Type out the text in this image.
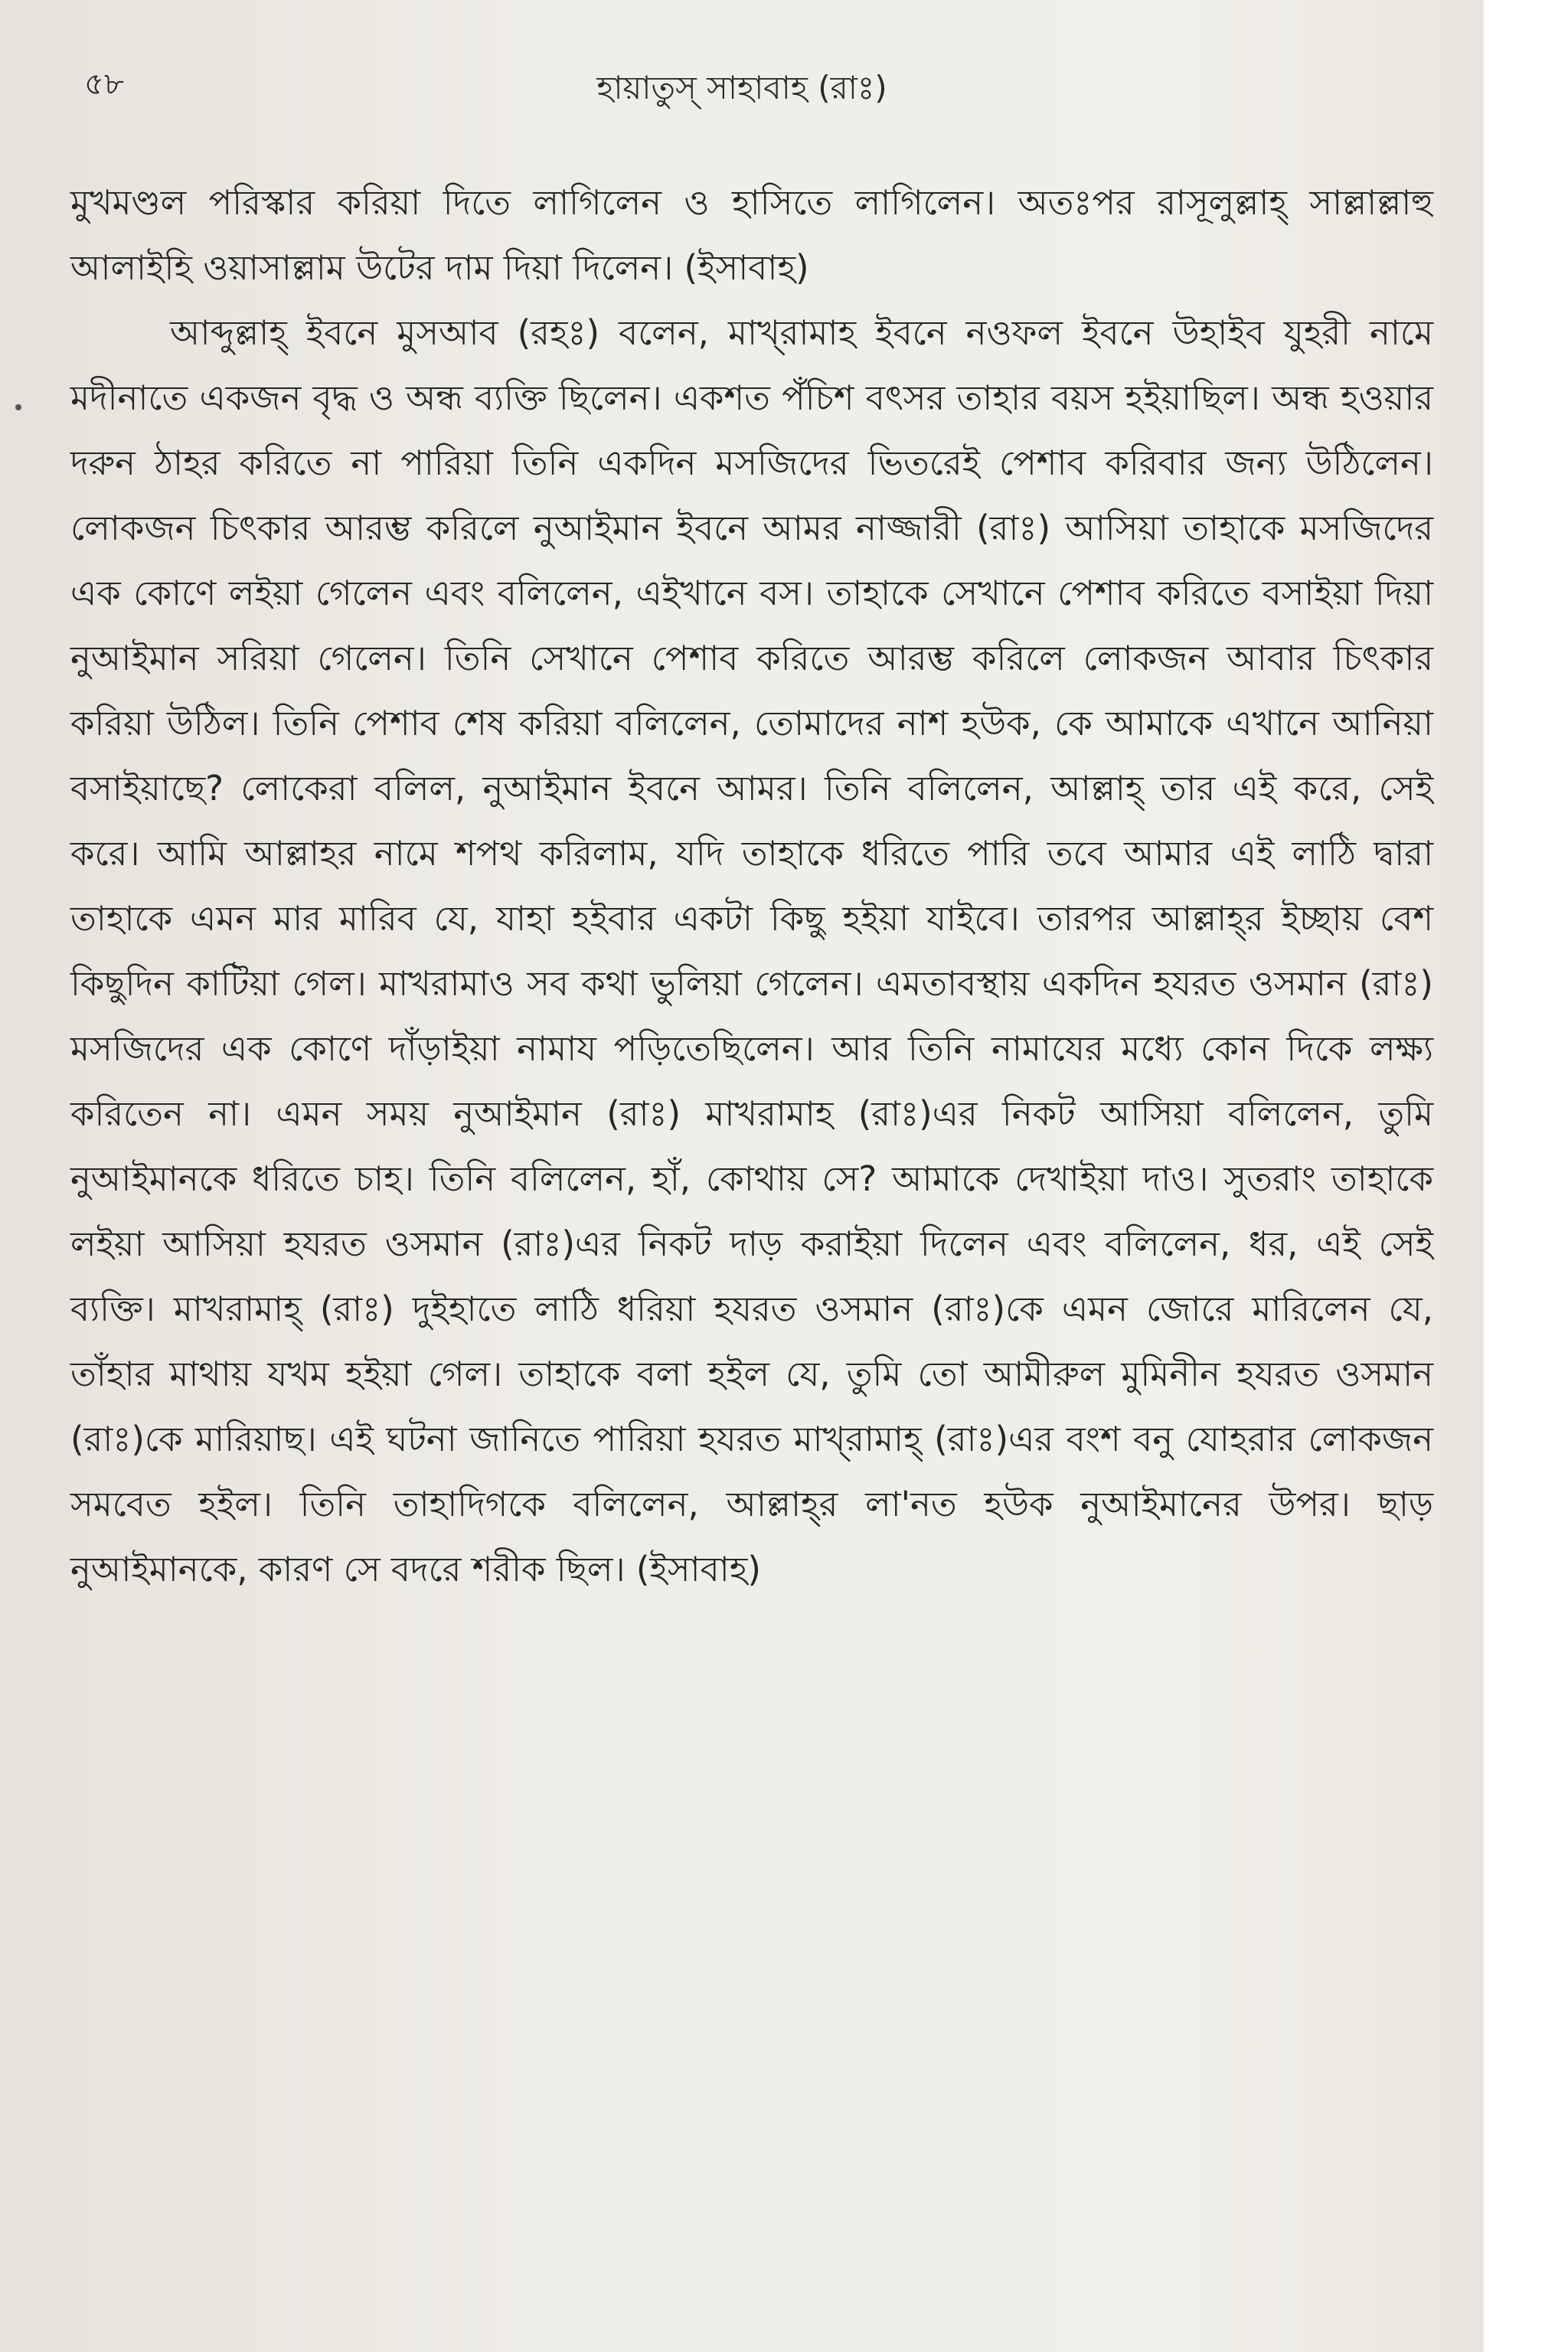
৫৮	হায়াতুস্ সাহাবাহ (রাঃ)

মুখমণ্ডল পরিস্কার করিয়া দিতে লাগিলেন ও হাসিতে লাগিলেন। অতঃপর রাসূলুল্লাহ্ সাল্লাল্লাহু আলাইহি ওয়াসাল্লাম উটের দাম দিয়া দিলেন। (ইসাবাহ)

আব্দুল্লাহ্ ইবনে মুসআব (রহঃ) বলেন, মাখ্‌রামাহ ইবনে নওফল ইবনে উহাইব যুহরী নামে মদীনাতে একজন বৃদ্ধ ও অন্ধ ব্যক্তি ছিলেন। একশত পঁচিশ বৎসর তাহার বয়স হইয়াছিল। অন্ধ হওয়ার দরুন ঠাহর করিতে না পারিয়া তিনি একদিন মসজিদের ভিতরেই পেশাব করিবার জন্য উঠিলেন। লোকজন চিৎকার আরম্ভ করিলে নুআইমান ইবনে আমর নাজ্জারী (রাঃ) আসিয়া তাহাকে মসজিদের এক কোণে লইয়া গেলেন এবং বলিলেন, এইখানে বস। তাহাকে সেখানে পেশাব করিতে বসাইয়া দিয়া নুআইমান সরিয়া গেলেন। তিনি সেখানে পেশাব করিতে আরম্ভ করিলে লোকজন আবার চিৎকার করিয়া উঠিল। তিনি পেশাব শেষ করিয়া বলিলেন, তোমাদের নাশ হউক, কে আমাকে এখানে আনিয়া বসাইয়াছে? লোকেরা বলিল, নুআইমান ইবনে আমর। তিনি বলিলেন, আল্লাহ্ তার এই করে, সেই করে। আমি আল্লাহর নামে শপথ করিলাম, যদি তাহাকে ধরিতে পারি তবে আমার এই লাঠি দ্বারা তাহাকে এমন মার মারিব যে, যাহা হইবার একটা কিছু হইয়া যাইবে। তারপর আল্লাহ্‌র ইচ্ছায় বেশ কিছুদিন কাটিয়া গেল। মাখরামাও সব কথা ভুলিয়া গেলেন। এমতাবস্থায় একদিন হযরত ওসমান (রাঃ) মসজিদের এক কোণে দাঁড়াইয়া নামায পড়িতেছিলেন। আর তিনি নামাযের মধ্যে কোন দিকে লক্ষ্য করিতেন না। এমন সময় নুআইমান (রাঃ) মাখরামাহ (রাঃ)এর নিকট আসিয়া বলিলেন, তুমি নুআইমানকে ধরিতে চাহ। তিনি বলিলেন, হাঁ, কোথায় সে? আমাকে দেখাইয়া দাও। সুতরাং তাহাকে লইয়া আসিয়া হযরত ওসমান (রাঃ)এর নিকট দাড় করাইয়া দিলেন এবং বলিলেন, ধর, এই সেই ব্যক্তি। মাখরামাহ্ (রাঃ) দুইহাতে লাঠি ধরিয়া হযরত ওসমান (রাঃ)কে এমন জোরে মারিলেন যে, তাঁহার মাথায় যখম হইয়া গেল। তাহাকে বলা হইল যে, তুমি তো আমীরুল মুমিনীন হযরত ওসমান (রাঃ)কে মারিয়াছ। এই ঘটনা জানিতে পারিয়া হযরত মাখ্‌রামাহ্ (রাঃ)এর বংশ বনু যোহরার লোকজন সমবেত হইল। তিনি তাহাদিগকে বলিলেন, আল্লাহ্‌র লা'নত হউক নুআইমানের উপর। ছাড় নুআইমানকে, কারণ সে বদরে শরীক ছিল। (ইসাবাহ)
